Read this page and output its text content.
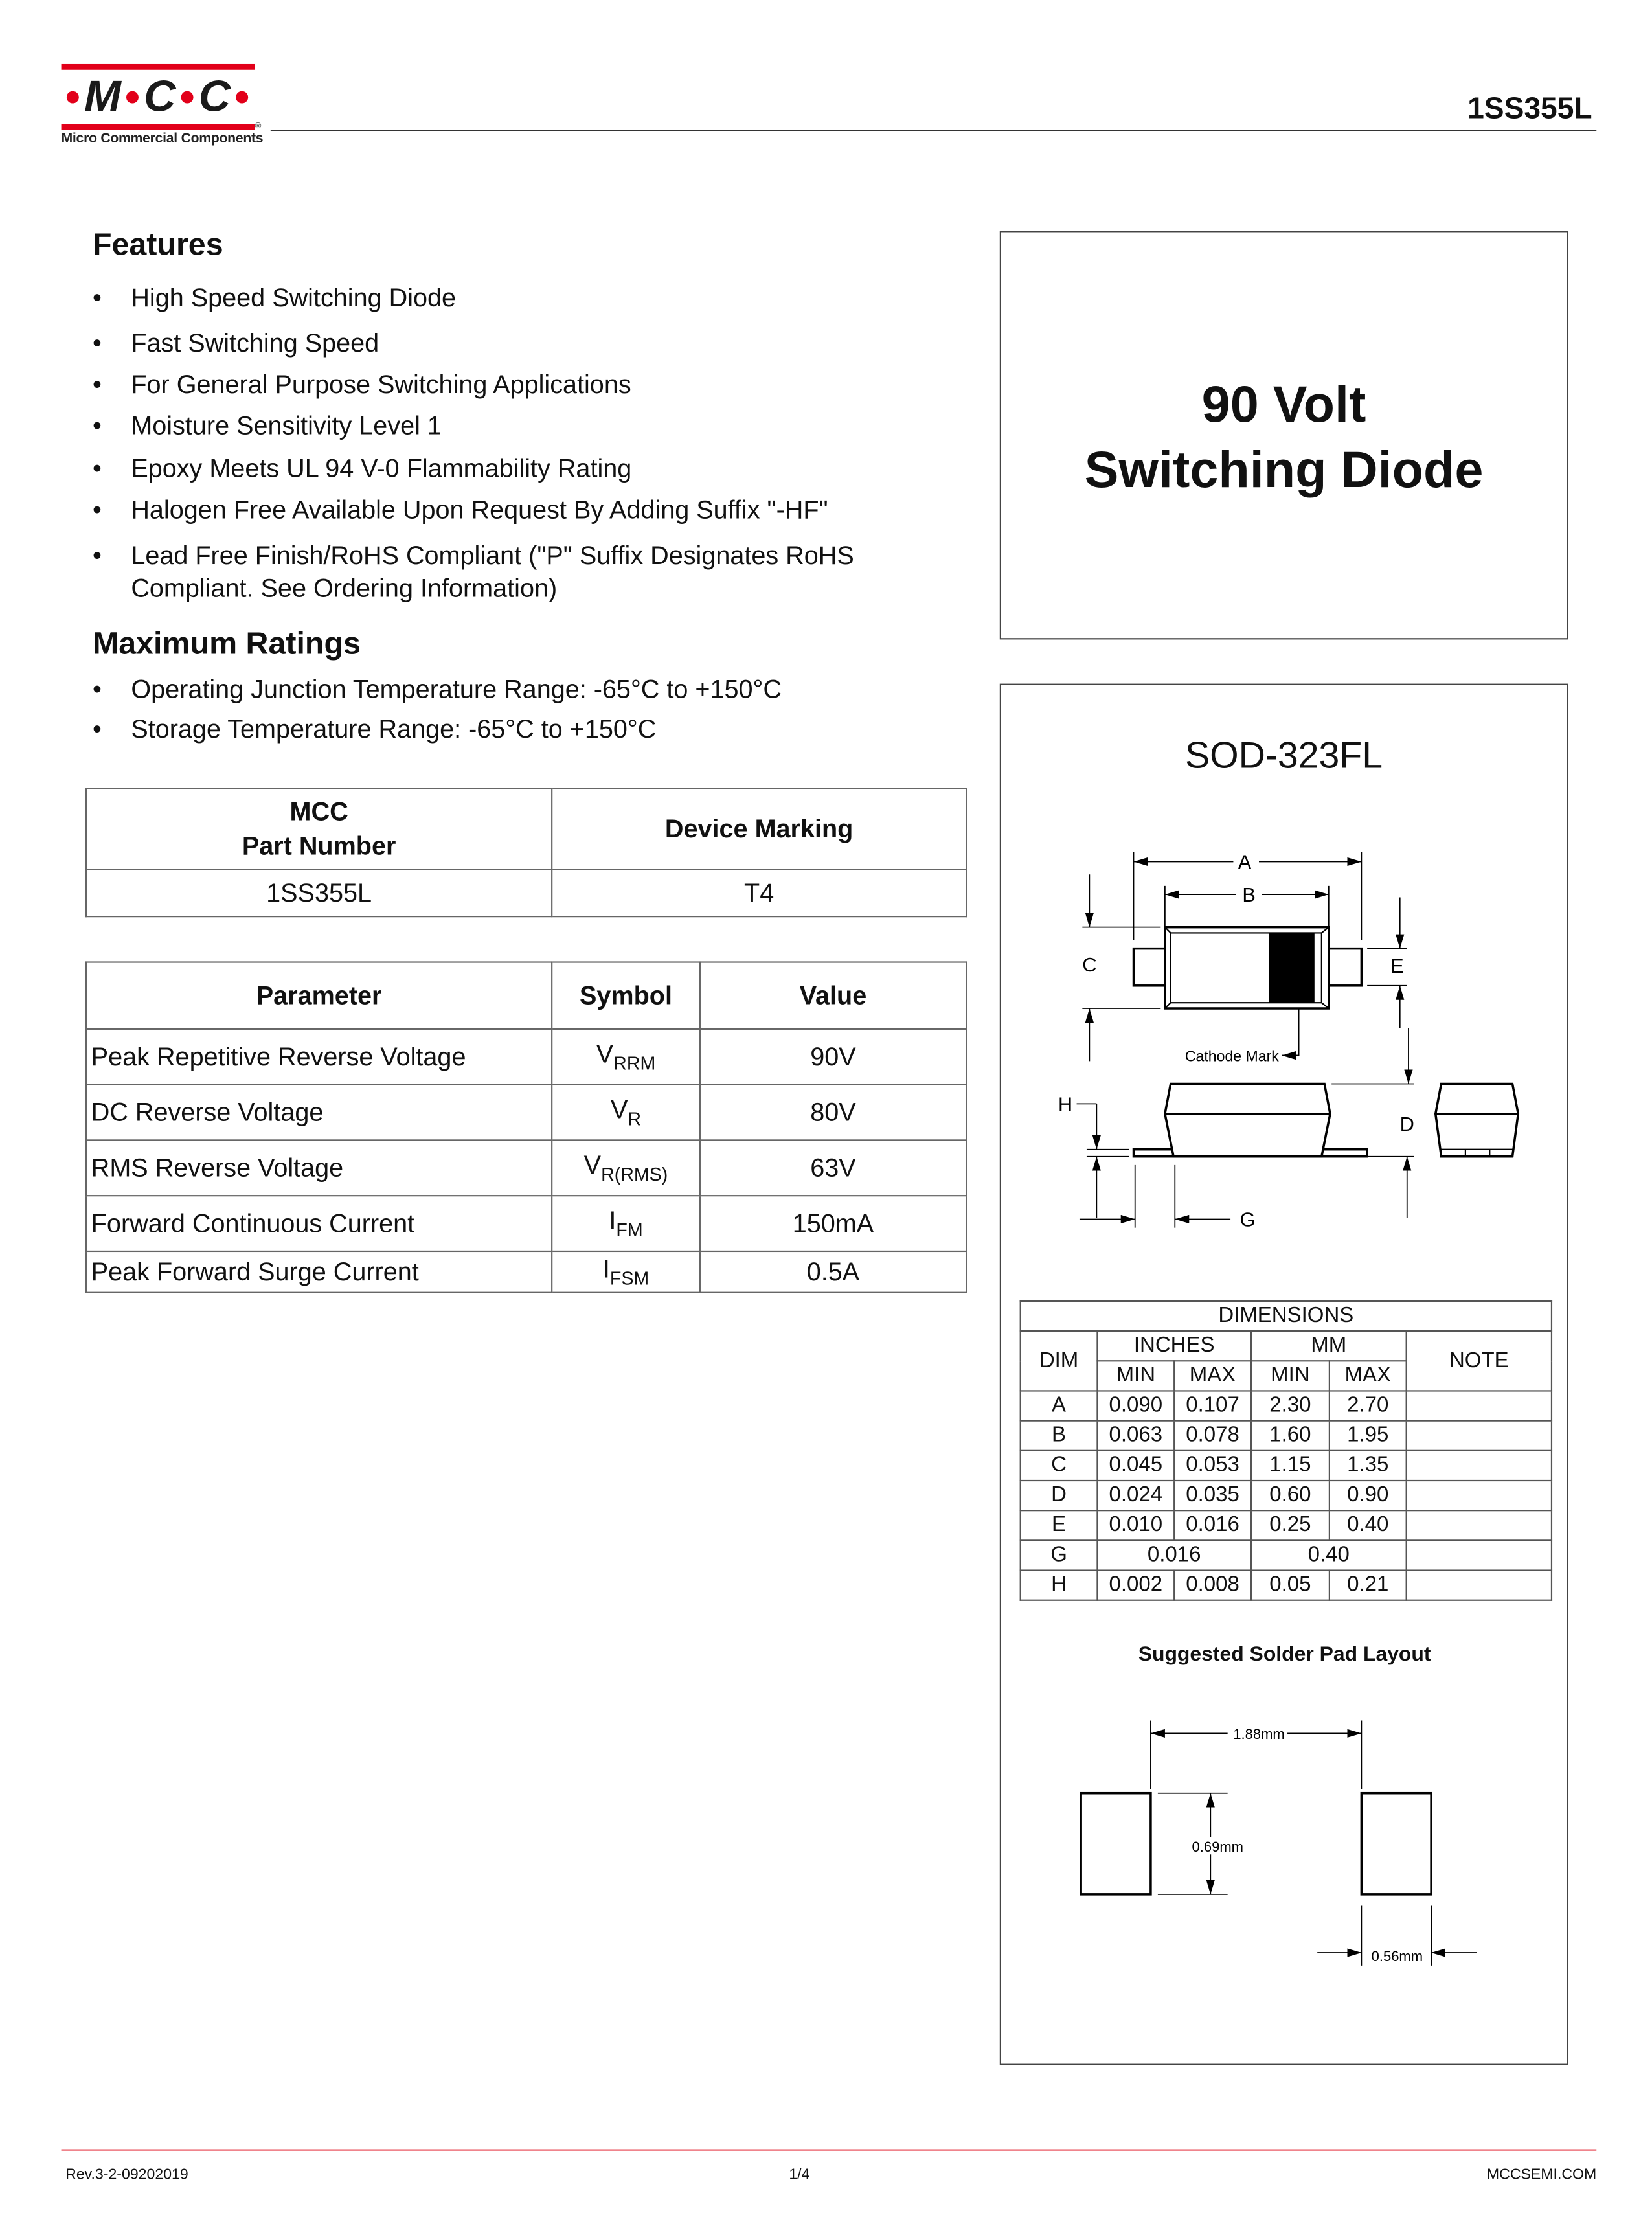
●M ●C ●C ●
®
Micro Commercial Components
1SS355L
Features
•	High Speed Switching Diode
•	Fast Switching Speed
•	For General Purpose Switching Applications
•	Moisture Sensitivity Level 1
•	Epoxy Meets UL 94 V-0 Flammability Rating
•	Halogen Free Available Upon Request By Adding Suffix "-HF"
•	Lead Free Finish/RoHS Compliant ("P" Suffix Designates RoHS
Compliant. See Ordering Information)
Maximum Ratings
•	Operating Junction Temperature Range: -65°C to +150°C
•	Storage Temperature Range: -65°C to +150°C
MCC
Part Number	Device Marking
1SS355L	T4
Parameter	Symbol	Value
Peak Repetitive Reverse Voltage	$V_{RRM}$	90V
DC Reverse Voltage	$V_R$	80V
RMS Reverse Voltage	$V_{R(RMS)}$	63V
Forward Continuous Current	$I_{FM}$	150mA
Peak Forward Surge Current	$I_{FSM}$	0.5A
90 Volt
Switching Diode
SOD-323FL
A
B
C	E
D
H
G
Cathode Mark
1.88mm
0.69mm
0.56mm
DIMENSIONS					
DIM	INCHES		MM		NOTE
	MIN	MAX	MIN	MAX	
A	0.090	0.107	2.30	2.70	
B	0.063	0.078	1.60	1.95	
C	0.045	0.053	1.15	1.35	
D	0.024	0.035	0.60	0.90	
E	0.010	0.016	0.25	0.40	
G	0.016		0.40		
H	0.002	0.008	0.05	0.21	
Suggested Solder Pad Layout
Rev.3-2-09202019	1/4	MCCSEMI.COM
